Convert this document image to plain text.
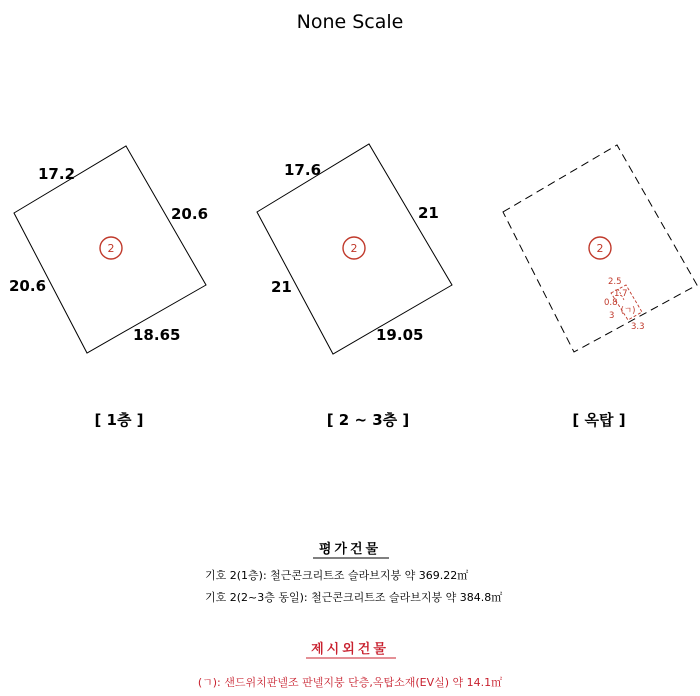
None Scale
2
17.2
20.6
20.6
18.65
[ 1층 ]
2
17.6
21
21
19.05
[ 2 ~ 3층 ]
2
(ㄱ)
2.5
1.7
0.8
3
3.3
[ 옥탑 ]
평가건물
기호 2(1층): 철근콘크리트조 슬라브지붕 약 369.22㎡
기호 2(2~3층 동일): 철근콘크리트조 슬라브지붕 약 384.8㎡
제시외건물
(ㄱ): 샌드위치판넬조 판넬지붕 단층,옥탑소재(EV실) 약 14.1㎡
